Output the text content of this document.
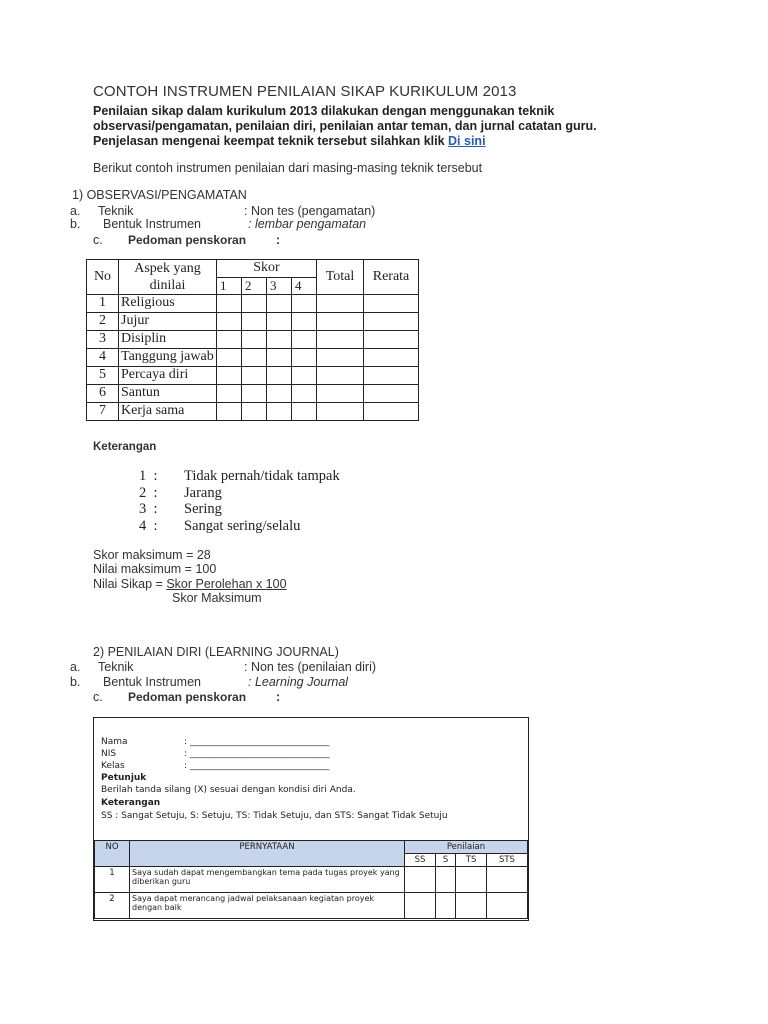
CONTOH INSTRUMEN PENILAIAN SIKAP KURIKULUM 2013
Penilaian sikap dalam kurikulum 2013 dilakukan dengan menggunakan teknik observasi/pengamatan, penilaian diri, penilaian antar teman, dan jurnal catatan guru. Penjelasan mengenai keempat teknik tersebut silahkan klik Di sini
Berikut contoh instrumen penilaian dari masing-masing teknik tersebut
1) OBSERVASI/PENGAMATAN
a. Teknik	: Non tes (pengamatan)
b. Bentuk Instrumen	: lembar pengamatan
c. Pedoman penskoran :
No	Aspek yang dinilai	Skor				Total	Rerata
		1	2	3	4		
1	Religious						
2	Jujur						
3	Disiplin						
4	Tanggung jawab						
5	Percaya diri						
6	Santun						
7	Kerja sama						
Keterangan
1  : Tidak pernah/tidak tampak
2  : Jarang
3  : Sering
4  : Sangat sering/selalu
Skor maksimum = 28
Nilai maksimum = 100
Nilai Sikap = Skor Perolehan x 100
Skor Maksimum
2) PENILAIAN DIRI (LEARNING JOURNAL)
a. Teknik	: Non tes (penilaian diri)
b. Bentuk Instrumen	: Learning Journal
c. Pedoman penskoran :
Nama	: _______________________________
NIS	: _______________________________
Kelas	: _______________________________
Petunjuk
Berilah tanda silang (X) sesuai dengan kondisi diri Anda.
Keterangan
SS : Sangat Setuju, S: Setuju, TS: Tidak Setuju, dan STS: Sangat Tidak Setuju
NO	PERNYATAAN	Penilaian			
		SS	S	TS	STS
1	Saya sudah dapat mengembangkan tema pada tugas proyek yang diberikan guru				
2	Saya dapat merancang jadwal pelaksanaan kegiatan proyek dengan baik				
